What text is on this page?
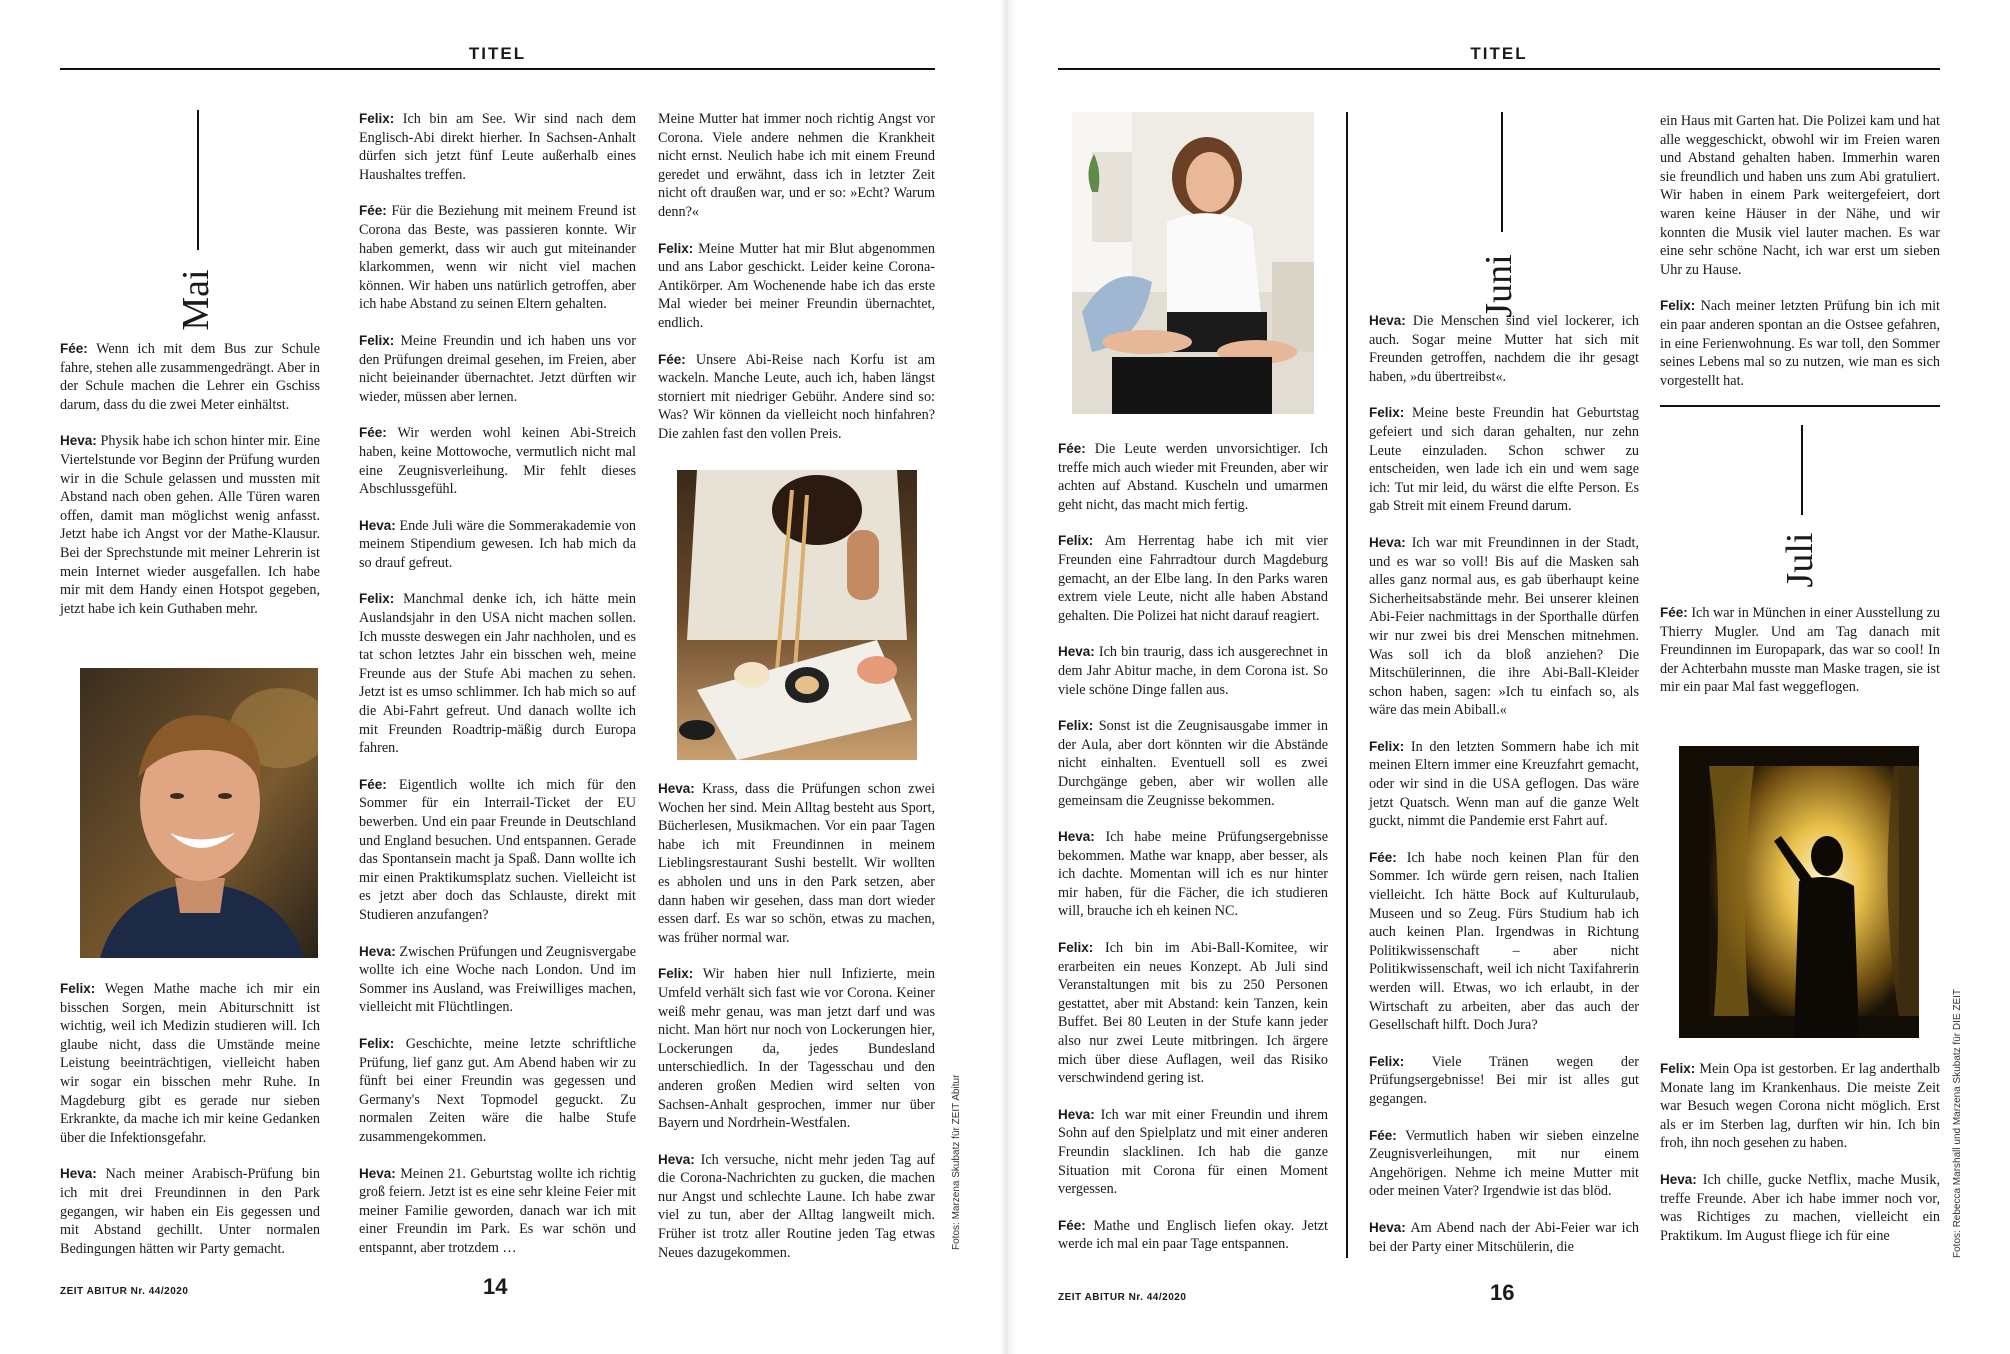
TITEL
Mai

Fée: Wenn ich mit dem Bus zur Schule fahre, stehen alle zusammengedrängt. Aber in der Schule machen die Lehrer ein Gschiss darum, dass du die zwei Meter einhältst.

Heva: Physik habe ich schon hinter mir. Eine Viertelstunde vor Beginn der Prüfung wurden wir in die Schule gelassen und mussten mit Abstand nach oben gehen. Alle Türen waren offen, damit man möglichst wenig anfasst. Jetzt habe ich Angst vor der Mathe-Klausur. Bei der Sprechstunde mit meiner Lehrerin ist mein Internet wieder ausgefallen. Ich habe mir mit dem Handy einen Hotspot gegeben, jetzt habe ich kein Guthaben mehr.

Felix: Wegen Mathe mache ich mir ein bisschen Sorgen, mein Abiturschnitt ist wichtig, weil ich Medizin studieren will. Ich glaube nicht, dass die Umstände meine Leistung beeinträchtigen, vielleicht haben wir sogar ein bisschen mehr Ruhe. In Magdeburg gibt es gerade nur sieben Erkrankte, da mache ich mir keine Gedanken über die Infektionsgefahr.

Heva: Nach meiner Arabisch-Prüfung bin ich mit drei Freundinnen in den Park gegangen, wir haben ein Eis gegessen und mit Abstand gechillt. Unter normalen Bedingungen hätten wir Party gemacht.

Felix: Ich bin am See. Wir sind nach dem Englisch-Abi direkt hierher. In Sachsen-Anhalt dürfen sich jetzt fünf Leute außerhalb eines Haushaltes treffen.

Fée: Für die Beziehung mit meinem Freund ist Corona das Beste, was passieren konnte. Wir haben gemerkt, dass wir auch gut miteinander klarkommen, wenn wir nicht viel machen können. Wir haben uns natürlich getroffen, aber ich habe Abstand zu seinen Eltern gehalten.

Felix: Meine Freundin und ich haben uns vor den Prüfungen dreimal gesehen, im Freien, aber nicht beieinander übernachtet. Jetzt dürften wir wieder, müssen aber lernen.

Fée: Wir werden wohl keinen Abi-Streich haben, keine Mottowoche, vermutlich nicht mal eine Zeugnisverleihung. Mir fehlt dieses Abschlussgefühl.

Heva: Ende Juli wäre die Sommerakademie von meinem Stipendium gewesen. Ich hab mich da so drauf gefreut.

Felix: Manchmal denke ich, ich hätte mein Auslandsjahr in den USA nicht machen sollen. Ich musste deswegen ein Jahr nachholen, und es tat schon letztes Jahr ein bisschen weh, meine Freunde aus der Stufe Abi machen zu sehen. Jetzt ist es umso schlimmer. Ich hab mich so auf die Abi-Fahrt gefreut. Und danach wollte ich mit Freunden Roadtrip-mäßig durch Europa fahren.

Fée: Eigentlich wollte ich mich für den Sommer für ein Interrail-Ticket der EU bewerben. Und ein paar Freunde in Deutschland und England besuchen. Und entspannen. Gerade das Spontansein macht ja Spaß. Dann wollte ich mir einen Praktikumsplatz suchen. Vielleicht ist es jetzt aber doch das Schlauste, direkt mit Studieren anzufangen?

Heva: Zwischen Prüfungen und Zeugnisvergabe wollte ich eine Woche nach London. Und im Sommer ins Ausland, was Freiwilliges machen, vielleicht mit Flüchtlingen.

Felix: Geschichte, meine letzte schriftliche Prüfung, lief ganz gut. Am Abend haben wir zu fünft bei einer Freundin was gegessen und Germany's Next Topmodel geguckt. Zu normalen Zeiten wäre die halbe Stufe zusammengekommen.

Heva: Meinen 21. Geburtstag wollte ich richtig groß feiern. Jetzt ist es eine sehr kleine Feier mit meiner Familie geworden, danach war ich mit einer Freundin im Park. Es war schön und entspannt, aber trotzdem …

Meine Mutter hat immer noch richtig Angst vor Corona. Viele andere nehmen die Krankheit nicht ernst. Neulich habe ich mit einem Freund geredet und erwähnt, dass ich in letzter Zeit nicht oft draußen war, und er so: »Echt? Warum denn?«

Felix: Meine Mutter hat mir Blut abgenommen und ans Labor geschickt. Leider keine Corona-Antikörper. Am Wochenende habe ich das erste Mal wieder bei meiner Freundin übernachtet, endlich.

Fée: Unsere Abi-Reise nach Korfu ist am wackeln. Manche Leute, auch ich, haben längst storniert mit niedriger Gebühr. Andere sind so: Was? Wir können da vielleicht noch hinfahren? Die zahlen fast den vollen Preis.

Heva: Krass, dass die Prüfungen schon zwei Wochen her sind. Mein Alltag besteht aus Sport, Bücherlesen, Musikmachen. Vor ein paar Tagen habe ich mit Freundinnen in meinem Lieblingsrestaurant Sushi bestellt. Wir wollten es abholen und uns in den Park setzen, aber dann haben wir gesehen, dass man dort wieder essen darf. Es war so schön, etwas zu machen, was früher normal war.

Felix: Wir haben hier null Infizierte, mein Umfeld verhält sich fast wie vor Corona. Keiner weiß mehr genau, was man jetzt darf und was nicht. Man hört nur noch von Lockerungen hier, Lockerungen da, jedes Bundesland unterschiedlich. In der Tagesschau und den anderen großen Medien wird selten von Sachsen-Anhalt gesprochen, immer nur über Bayern und Nordrhein-Westfalen.

Heva: Ich versuche, nicht mehr jeden Tag auf die Corona-Nachrichten zu gucken, die machen nur Angst und schlechte Laune. Ich habe zwar viel zu tun, aber der Alltag langweilt mich. Früher ist trotz aller Routine jeden Tag etwas Neues dazugekommen.

Fotos: Marzena Skubatz für ZEIT Abitur
ZEIT ABITUR Nr. 44/2020	14
TITEL

Fée: Die Leute werden unvorsichtiger. Ich treffe mich auch wieder mit Freunden, aber wir achten auf Abstand. Kuscheln und umarmen geht nicht, das macht mich fertig.

Felix: Am Herrentag habe ich mit vier Freunden eine Fahrradtour durch Magdeburg gemacht, an der Elbe lang. In den Parks waren extrem viele Leute, nicht alle haben Abstand gehalten. Die Polizei hat nicht darauf reagiert.

Heva: Ich bin traurig, dass ich ausgerechnet in dem Jahr Abitur mache, in dem Corona ist. So viele schöne Dinge fallen aus.

Felix: Sonst ist die Zeugnisausgabe immer in der Aula, aber dort könnten wir die Abstände nicht einhalten. Eventuell soll es zwei Durchgänge geben, aber wir wollen alle gemeinsam die Zeugnisse bekommen.

Heva: Ich habe meine Prüfungsergebnisse bekommen. Mathe war knapp, aber besser, als ich dachte. Momentan will ich es nur hinter mir haben, für die Fächer, die ich studieren will, brauche ich eh keinen NC.

Felix: Ich bin im Abi-Ball-Komitee, wir erarbeiten ein neues Konzept. Ab Juli sind Veranstaltungen mit bis zu 250 Personen gestattet, aber mit Abstand: kein Tanzen, kein Buffet. Bei 80 Leuten in der Stufe kann jeder also nur zwei Leute mitbringen. Ich ärgere mich über diese Auflagen, weil das Risiko verschwindend gering ist.

Heva: Ich war mit einer Freundin und ihrem Sohn auf den Spielplatz und mit einer anderen Freundin slacklinen. Ich hab die ganze Situation mit Corona für einen Moment vergessen.

Fée: Mathe und Englisch liefen okay. Jetzt werde ich mal ein paar Tage entspannen.

Juni

Heva: Die Menschen sind viel lockerer, ich auch. Sogar meine Mutter hat sich mit Freunden getroffen, nachdem die ihr gesagt haben, »du übertreibst«.

Felix: Meine beste Freundin hat Geburtstag gefeiert und sich daran gehalten, nur zehn Leute einzuladen. Schon schwer zu entscheiden, wen lade ich ein und wem sage ich: Tut mir leid, du wärst die elfte Person. Es gab Streit mit einem Freund darum.

Heva: Ich war mit Freundinnen in der Stadt, und es war so voll! Bis auf die Masken sah alles ganz normal aus, es gab überhaupt keine Sicherheitsabstände mehr. Bei unserer kleinen Abi-Feier nachmittags in der Sporthalle dürfen wir nur zwei bis drei Menschen mitnehmen. Was soll ich da bloß anziehen? Die Mitschülerinnen, die ihre Abi-Ball-Kleider schon haben, sagen: »Ich tu einfach so, als wäre das mein Abiball.«

Felix: In den letzten Sommern habe ich mit meinen Eltern immer eine Kreuzfahrt gemacht, oder wir sind in die USA geflogen. Das wäre jetzt Quatsch. Wenn man auf die ganze Welt guckt, nimmt die Pandemie erst Fahrt auf.

Fée: Ich habe noch keinen Plan für den Sommer. Ich würde gern reisen, nach Italien vielleicht. Ich hätte Bock auf Kulturulaub, Museen und so Zeug. Fürs Studium hab ich auch keinen Plan. Irgendwas in Richtung Politikwissenschaft – aber nicht Politikwissenschaft, weil ich nicht Taxifahrerin werden will. Etwas, wo ich erlaubt, in der Wirtschaft zu arbeiten, aber das auch der Gesellschaft hilft. Doch Jura?

Felix: Viele Tränen wegen der Prüfungsergebnisse! Bei mir ist alles gut gegangen.

Fée: Vermutlich haben wir sieben einzelne Zeugnisverleihungen, mit nur einem Angehörigen. Nehme ich meine Mutter mit oder meinen Vater? Irgendwie ist das blöd.

Heva: Am Abend nach der Abi-Feier war ich bei der Party einer Mitschülerin, die

ein Haus mit Garten hat. Die Polizei kam und hat alle weggeschickt, obwohl wir im Freien waren und Abstand gehalten haben. Immerhin waren sie freundlich und haben uns zum Abi gratuliert. Wir haben in einem Park weitergefeiert, dort waren keine Häuser in der Nähe, und wir konnten die Musik viel lauter machen. Es war eine sehr schöne Nacht, ich war erst um sieben Uhr zu Hause.

Felix: Nach meiner letzten Prüfung bin ich mit ein paar anderen spontan an die Ostsee gefahren, in eine Ferienwohnung. Es war toll, den Sommer seines Lebens mal so zu nutzen, wie man es sich vorgestellt hat.

Juli

Fée: Ich war in München in einer Ausstellung zu Thierry Mugler. Und am Tag danach mit Freundinnen im Europapark, das war so cool! In der Achterbahn musste man Maske tragen, sie ist mir ein paar Mal fast weggeflogen.

Felix: Mein Opa ist gestorben. Er lag anderthalb Monate lang im Krankenhaus. Die meiste Zeit war Besuch wegen Corona nicht möglich. Erst als er im Sterben lag, durften wir hin. Ich bin froh, ihn noch gesehen zu haben.

Heva: Ich chille, gucke Netflix, mache Musik, treffe Freunde. Aber ich habe immer noch vor, was Richtiges zu machen, vielleicht ein Praktikum. Im August fliege ich für eine	Fotos: Rebecca Marshall und Marzena Skubatz für DIE ZEIT
ZEIT ABITUR Nr. 44/2020	16
